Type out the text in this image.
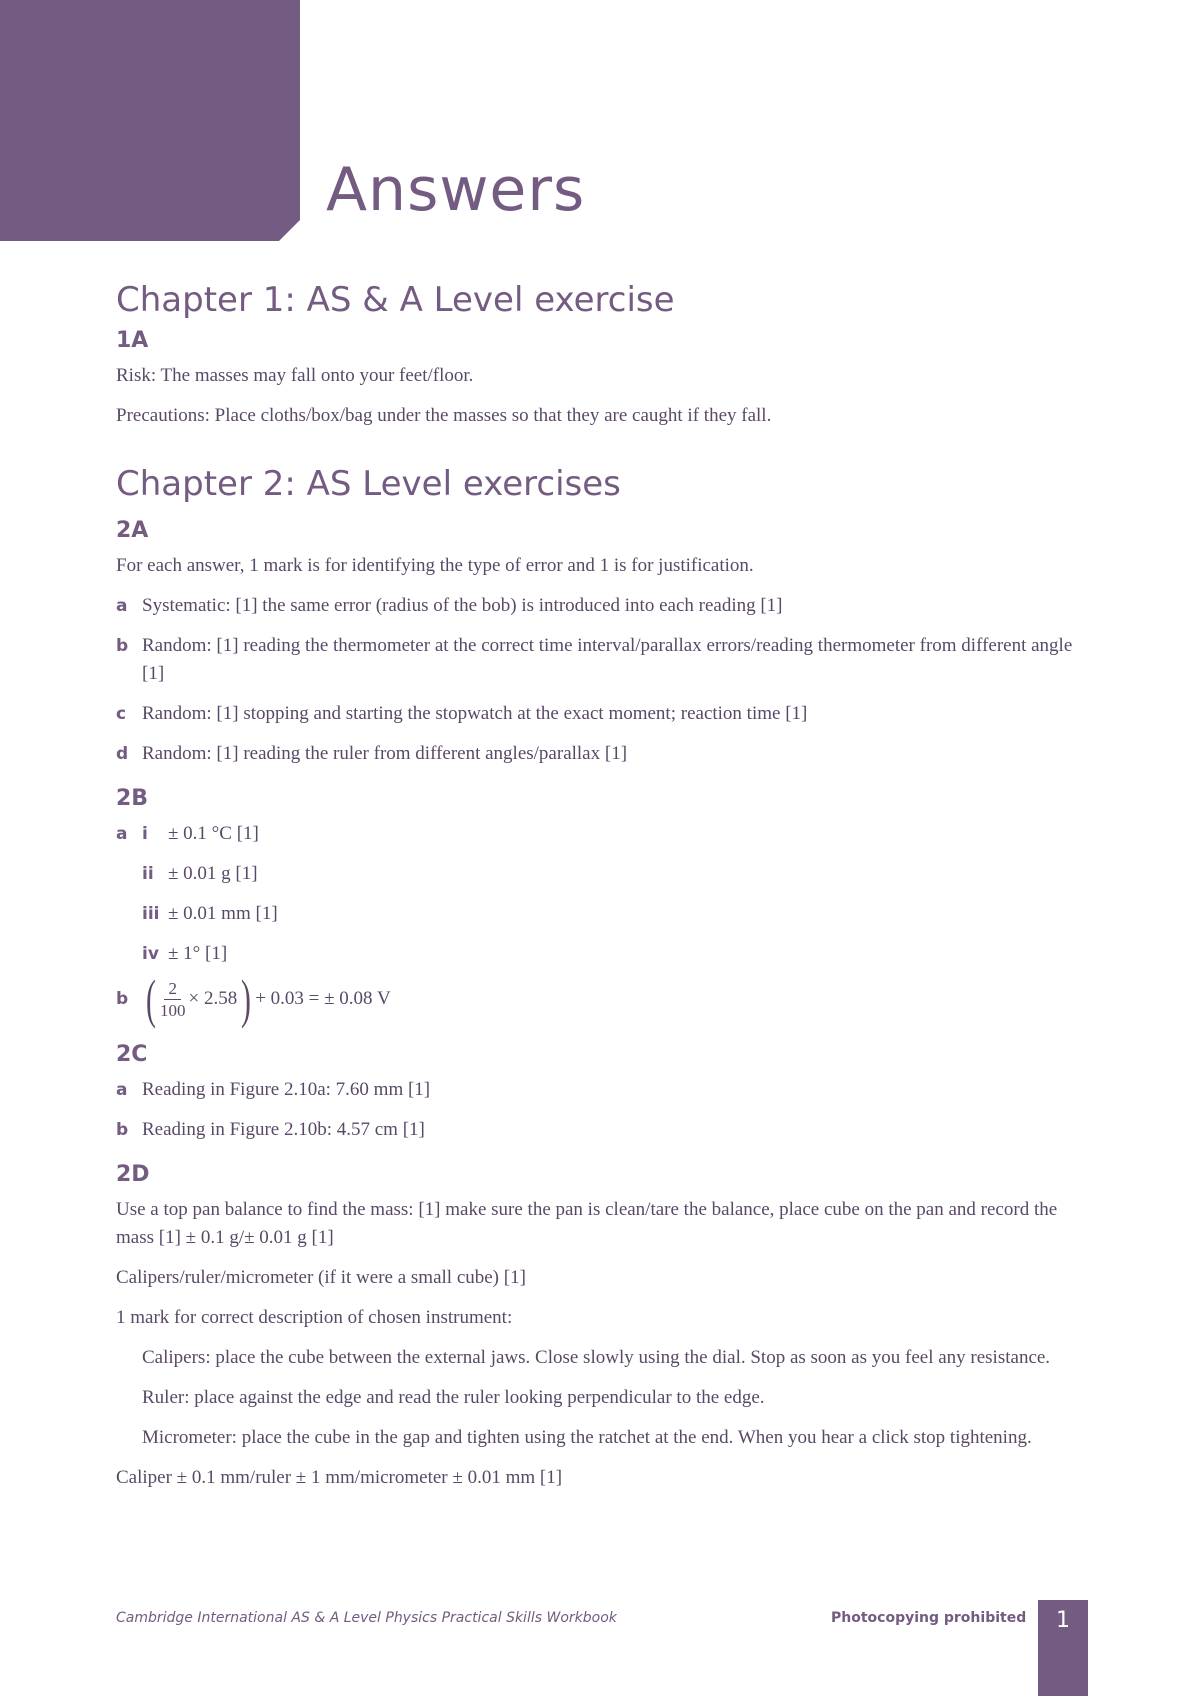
Answers
Chapter 1: AS & A Level exercise
1A

Risk: The masses may fall onto your feet/floor.

Precautions: Place cloths/box/bag under the masses so that they are caught if they fall.

Chapter 2: AS Level exercises
2A

For each answer, 1 mark is for identifying the type of error and 1 is for justification.

a Systematic: [1] the same error (radius of the bob) is introduced into each reading [1]
b Random: [1] reading the thermometer at the correct time interval/parallax errors/reading thermometer from different angle [1]
c Random: [1] stopping and starting the stopwatch at the exact moment; reaction time [1]
d Random: [1] reading the ruler from different angles/parallax [1]
2B
a i ± 0.1 °C [1]
ii ± 0.01 g [1]
iii ± 0.01 mm [1]
iv ± 1° [1]
b ( $\frac{2}{100} \times 2.58$ ) + 0.03 = ± 0.08 V
2C
a Reading in Figure 2.10a: 7.60 mm [1]
b Reading in Figure 2.10b: 4.57 cm [1]
2D

Use a top pan balance to find the mass: [1] make sure the pan is clean/tare the balance, place cube on the pan and record the mass [1] ± 0.1 g/± 0.01 g [1]

Calipers/ruler/micrometer (if it were a small cube) [1]

1 mark for correct description of chosen instrument:

Calipers: place the cube between the external jaws. Close slowly using the dial. Stop as soon as you feel any resistance.

Ruler: place against the edge and read the ruler looking perpendicular to the edge.

Micrometer: place the cube in the gap and tighten using the ratchet at the end. When you hear a click stop tightening.

Caliper ± 0.1 mm/ruler ± 1 mm/micrometer ± 0.01 mm [1]

Cambridge International AS & A Level Physics Practical Skills Workbook	Photocopying prohibited	1
